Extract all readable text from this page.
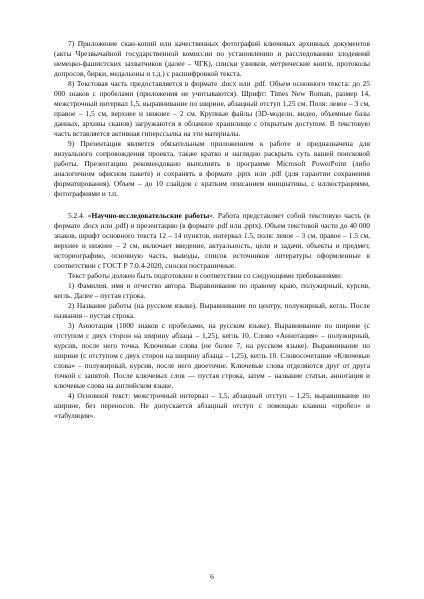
7) Приложение скан-копий или качественных фотографий ключевых архивных документов (акты Чрезвычайной государственной комиссии по установлению и расследованию злодеяний немецко-фашистских захватчиков (далее – ЧГК), списки узников, метрические книги, протоколы допросов, бирки, медальоны и т.д.) с расшифровкой текста.

8) Текстовая часть предоставляется в формате .docx или .pdf. Объем основного текста: до 25 000 знаков с пробелами (приложения не учитываются). Шрифт: Times New Roman, размер 14, межстрочный интервал 1,5, выравнивание по ширине, абзацный отступ 1,25 см. Поля: левое – 3 см, правое – 1,5 см, верхнее и нижнее – 2 см. Крупные файлы (3D-модели, видео, объемные базы данных, архивы сканов) загружаются в облачное хранилище с открытым доступом. В текстовую часть вставляется активная гиперссылка на эти материалы.

9) Презентация является обязательным приложением к работе и предназначена для визуального сопровождения проекта, также кратко и наглядно раскрыть суть вашей поисковой работы. Презентацию рекомендовано выполнять в программе Microsoft PowerPoint (либо аналогичном офисном пакете) и сохранять в формате .pptx или .pdf (для гарантии сохранения форматирования). Объем – до 10 слайдов с кратким описанием инициативы, с иллюстрациями, фотографиями и т.п.

5.2.4. «Научно-исследовательские работы». Работа представляет собой текстовую часть (в формате .docx или .pdf) и презентацию (в формате .pdf или .pptx). Объем текстовой части до 40 000 знаков, шрифт основного текста 12 – 14 пунктов, интервал 1.5, поля: левое – 3 см, правое – 1.5 см, верхнее и нижнее – 2 см, включает введение, актуальность, цели и задачи, объекты и предмет, историографию, основную часть, выводы, список источников литературы оформленные в соответствии с ГОСТ Р 7.0.4-2020, сноски постраничные.

Текст работы должен быть подготовлен в соответствии со следующими требованиями:

1) Фамилия, имя и отчество автора. Выравнивание по правому краю, полужирный, курсив, кегль. Далее – пустая строка.

2) Название работы (на русском языке). Выравнивание по центру, полужирный, кегль. После названия – пустая строка.

3) Аннотация (1000 знаков с пробелами, на русском языке). Выравнивание по ширине (с отступом с двух сторон на ширину абзаца – 1,25), кегль 10. Слово «Аннотация» – полужирный, курсив, после него точка. Ключевые слова (не более 7, на русском языке). Выравнивание по ширине (с отступом с двух сторон на ширину абзаца – 1,25), кегль 10. Словосочетание «Ключевые слова» – полужирный, курсив, после него двоеточие. Ключевые слова отделяются друг от друга точкой с запятой. После ключевых слов — пустая строка, затем – название статьи, аннотация и ключевые слова на английском языке.

4) Основной текст: межстрочный интервал – 1,5, абзацный отступ – 1,25, выравнивание по ширине, без переносов. Не допускается абзацный отступ с помощью клавиш «пробел» и «табуляция».

6
